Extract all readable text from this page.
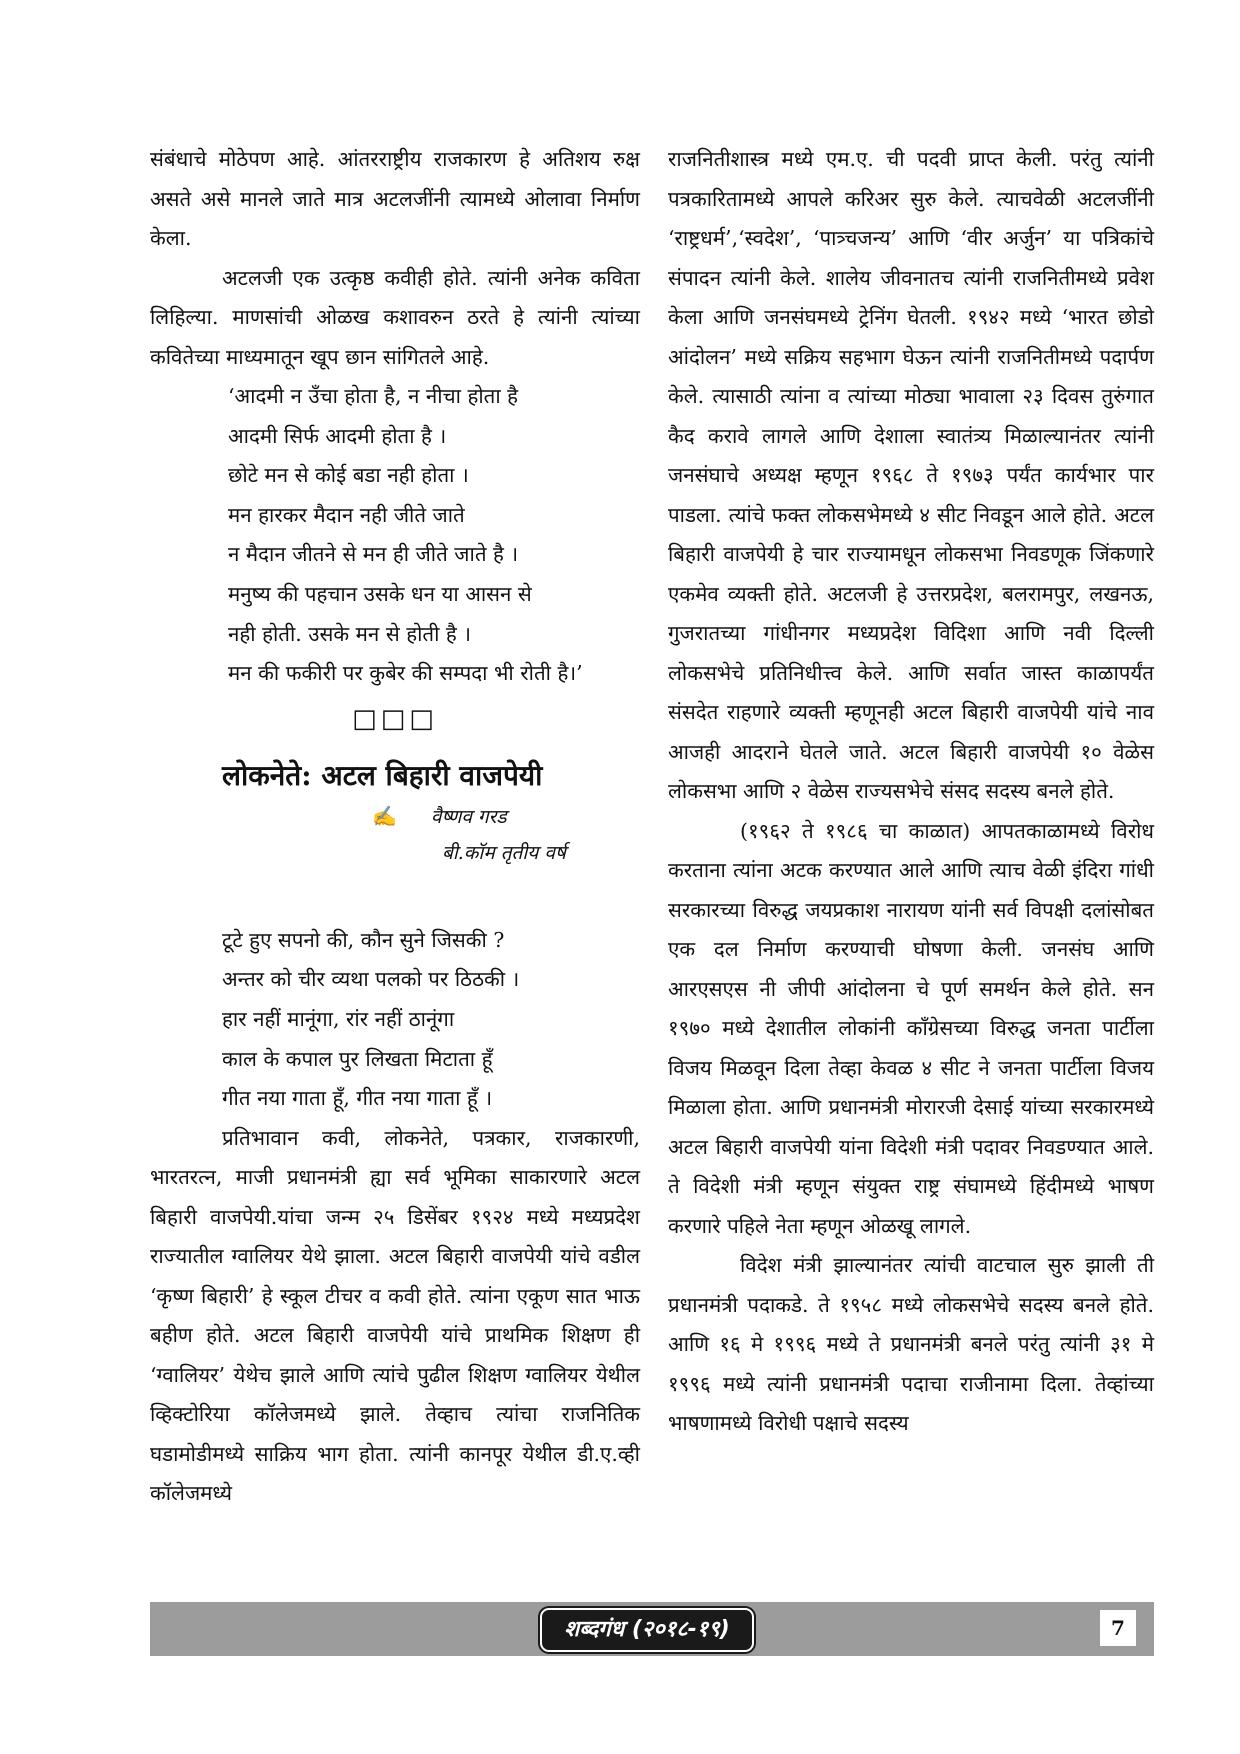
संबंधाचे मोठेपण आहे. आंतरराष्ट्रीय राजकारण हे अतिशय रुक्ष असते असे मानले जाते मात्र अटलजींनी त्यामध्ये ओलावा निर्माण केला.

अटलजी एक उत्कृष्ठ कवीही होते. त्यांनी अनेक कविता लिहिल्या. माणसांची ओळख कशावरुन ठरते हे त्यांनी त्यांच्या कवितेच्या माध्यमातून खूप छान सांगितले आहे.

‘आदमी न उँचा होता है, न नीचा होता है
आदमी सिर्फ आदमी होता है ।
छोटे मन से कोई बडा नही होता ।
मन हारकर मैदान नही जीते जाते
न मैदान जीतने से मन ही जीते जाते है ।
मनुष्य की पहचान उसके धन या आसन से
नही होती. उसके मन से होती है ।
मन की फकीरी पर कुबेर की सम्पदा भी रोती है।’
□□□
लोकनेते: अटल बिहारी वाजपेयी
✍ वैष्णव गरड
बी.कॉम तृतीय वर्ष
टूटे हुए सपनो की, कौन सुने जिसकी ?
अन्तर को चीर व्यथा पलको पर ठिठकी ।
हार नहीं मानूंगा, रांर नहीं ठानूंगा
काल के कपाल पुर लिखता मिटाता हूँ
गीत नया गाता हूँ, गीत नया गाता हूँ ।

प्रतिभावान कवी, लोकनेते, पत्रकार, राजकारणी, भारतरत्न, माजी प्रधानमंत्री ह्या सर्व भूमिका साकारणारे अटल बिहारी वाजपेयी.यांचा जन्म २५ डिसेंबर १९२४ मध्ये मध्यप्रदेश राज्यातील ग्वालियर येथे झाला. अटल बिहारी वाजपेयी यांचे वडील ‘कृष्ण बिहारी’ हे स्कूल टीचर व कवी होते. त्यांना एकूण सात भाऊ बहीण होते. अटल बिहारी वाजपेयी यांचे प्राथमिक शिक्षण ही ‘ग्वालियर’ येथेच झाले आणि त्यांचे पुढील शिक्षण ग्वालियर येथील व्हिक्टोरिया कॉलेजमध्ये झाले. तेव्हाच त्यांचा राजनितिक घडामोडीमध्ये साक्रिय भाग होता. त्यांनी कानपूर येथील डी.ए.व्ही कॉलेजमध्ये

राजनितीशास्त्र मध्ये एम.ए. ची पदवी प्राप्त केली. परंतु त्यांनी पत्रकारितामध्ये आपले करिअर सुरु केले. त्याचवेळी अटलजींनी ‘राष्ट्रधर्म’,‘स्वदेश’, ‘पात्र्चजन्य’ आणि ‘वीर अर्जुन’ या पत्रिकांचे संपादन त्यांनी केले. शालेय जीवनातच त्यांनी राजनितीमध्ये प्रवेश केला आणि जनसंघमध्ये ट्रेनिंग घेतली. १९४२ मध्ये ‘भारत छोडो आंदोलन’ मध्ये सक्रिय सहभाग घेऊन त्यांनी राजनितीमध्ये पदार्पण केले. त्यासाठी त्यांना व त्यांच्या मोठ्या भावाला २३ दिवस तुरुंगात कैद करावे लागले आणि देशाला स्वातंत्र्य मिळाल्यानंतर त्यांनी जनसंघाचे अध्यक्ष म्हणून १९६८ ते १९७३ पर्यंत कार्यभार पार पाडला. त्यांचे फक्त लोकसभेमध्ये ४ सीट निवडून आले होते. अटल बिहारी वाजपेयी हे चार राज्यामधून लोकसभा निवडणूक जिंकणारे एकमेव व्यक्ती होते. अटलजी हे उत्तरप्रदेश, बलरामपुर, लखनऊ, गुजरातच्या गांधीनगर मध्यप्रदेश विदिशा आणि नवी दिल्ली लोकसभेचे प्रतिनिधीत्त्व केले. आणि सर्वात जास्त काळापर्यंत संसदेत राहणारे व्यक्ती म्हणूनही अटल बिहारी वाजपेयी यांचे नाव आजही आदराने घेतले जाते. अटल बिहारी वाजपेयी १० वेळेस लोकसभा आणि २ वेळेस राज्यसभेचे संसद सदस्य बनले होते.

(१९६२ ते १९८६ चा काळात) आपतकाळामध्ये विरोध करताना त्यांना अटक करण्यात आले आणि त्याच वेळी इंदिरा गांधी सरकारच्या विरुद्ध जयप्रकाश नारायण यांनी सर्व विपक्षी दलांसोबत एक दल निर्माण करण्याची घोषणा केली. जनसंघ आणि आरएसएस नी जीपी आंदोलना चे पूर्ण समर्थन केले होते. सन १९७० मध्ये देशातील लोकांनी कॉंग्रेसच्या विरुद्ध जनता पार्टीला विजय मिळवून दिला तेव्हा केवळ ४ सीट ने जनता पार्टीला विजय मिळाला होता. आणि प्रधानमंत्री मोरारजी देसाई यांच्या सरकारमध्ये अटल बिहारी वाजपेयी यांना विदेशी मंत्री पदावर निवडण्यात आले. ते विदेशी मंत्री म्हणून संयुक्त राष्ट्र संघामध्ये हिंदीमध्ये भाषण करणारे पहिले नेता म्हणून ओळखू लागले.

विदेश मंत्री झाल्यानंतर त्यांची वाटचाल सुरु झाली ती प्रधानमंत्री पदाकडे. ते १९५८ मध्ये लोकसभेचे सदस्य बनले होते. आणि १६ मे १९९६ मध्ये ते प्रधानमंत्री बनले परंतु त्यांनी ३१ मे १९९६ मध्ये त्यांनी प्रधानमंत्री पदाचा राजीनामा दिला. तेव्हांच्या भाषणामध्ये विरोधी पक्षाचे सदस्य

शब्दगंध (२०१८-१९)	7
